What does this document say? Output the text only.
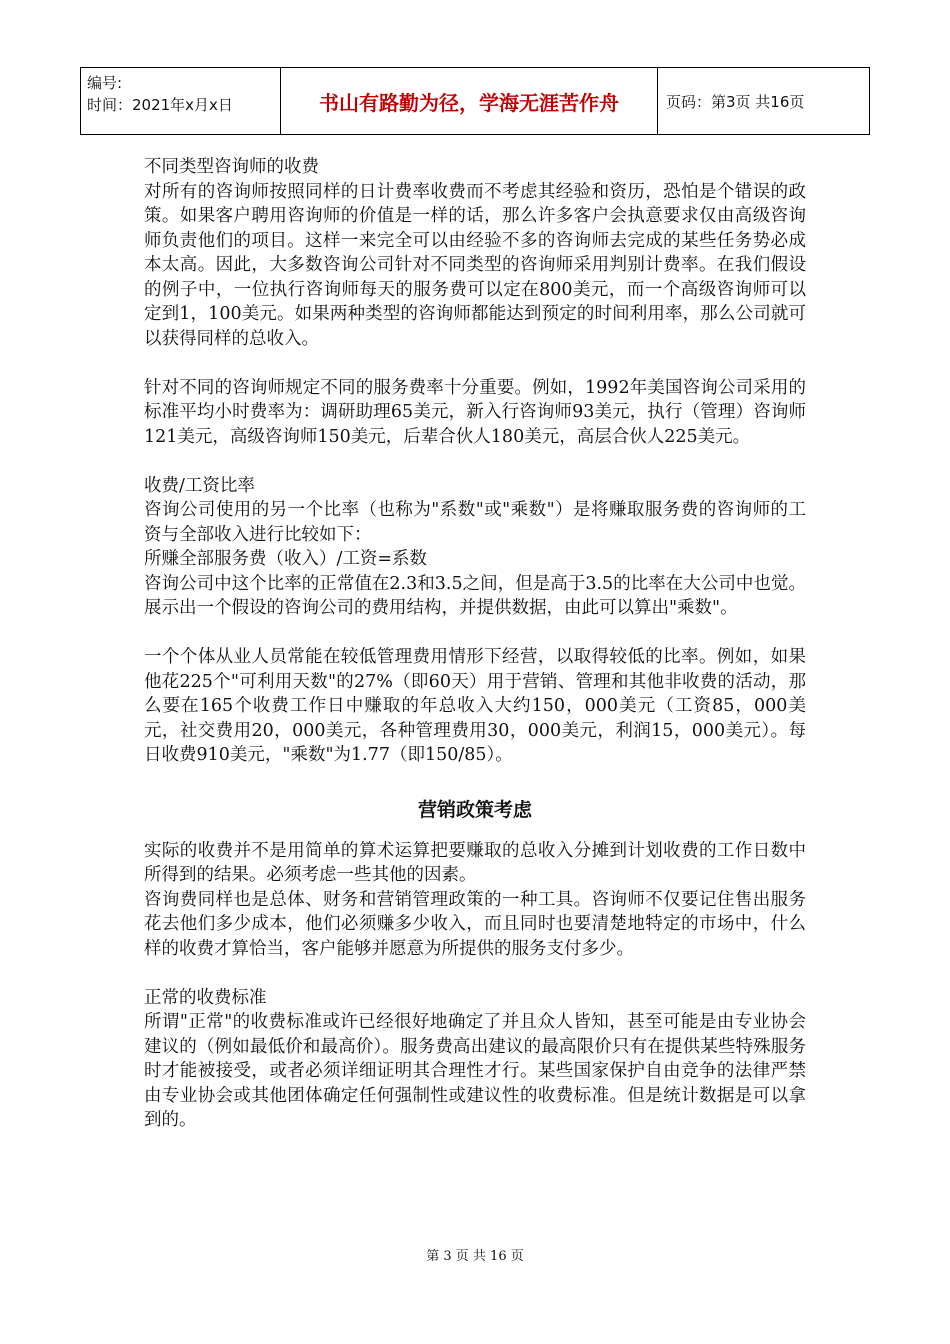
编号:
时间：2021年x月x日	书山有路勤为径，学海无涯苦作舟	页码：第3页 共16页

不同类型咨询师的收费

对所有的咨询师按照同样的日计费率收费而不考虑其经验和资历，恐怕是个错误的政策。如果客户聘用咨询师的价值是一样的话，那么许多客户会执意要求仅由高级咨询师负责他们的项目。这样一来完全可以由经验不多的咨询师去完成的某些任务势必成本太高。因此，大多数咨询公司针对不同类型的咨询师采用判别计费率。在我们假设的例子中，一位执行咨询师每天的服务费可以定在800美元，而一个高级咨询师可以定到1，100美元。如果两种类型的咨询师都能达到预定的时间利用率，那么公司就可以获得同样的总收入。

针对不同的咨询师规定不同的服务费率十分重要。例如，1992年美国咨询公司采用的标准平均小时费率为：调研助理65美元，新入行咨询师93美元，执行（管理）咨询师121美元，高级咨询师150美元，后辈合伙人180美元，高层合伙人225美元。

收费/工资比率

咨询公司使用的另一个比率（也称为"系数"或"乘数"）是将赚取服务费的咨询师的工资与全部收入进行比较如下：

所赚全部服务费（收入）/工资=系数

咨询公司中这个比率的正常值在2.3和3.5之间，但是高于3.5的比率在大公司中也觉。展示出一个假设的咨询公司的费用结构，并提供数据，由此可以算出"乘数"。

一个个体从业人员常能在较低管理费用情形下经营，以取得较低的比率。例如，如果他花225个"可利用天数"的27%（即60天）用于营销、管理和其他非收费的活动，那么要在165个收费工作日中赚取的年总收入大约150，000美元（工资85，000美元，社交费用20，000美元，各种管理费用30，000美元，利润15，000美元）。每日收费910美元，"乘数"为1.77（即150/85）。

营销政策考虑

实际的收费并不是用简单的算术运算把要赚取的总收入分摊到计划收费的工作日数中所得到的结果。必须考虑一些其他的因素。

咨询费同样也是总体、财务和营销管理政策的一种工具。咨询师不仅要记住售出服务花去他们多少成本，他们必须赚多少收入，而且同时也要清楚地特定的市场中，什么样的收费才算恰当，客户能够并愿意为所提供的服务支付多少。

正常的收费标准

所谓"正常"的收费标准或许已经很好地确定了并且众人皆知，甚至可能是由专业协会建议的（例如最低价和最高价）。服务费高出建议的最高限价只有在提供某些特殊服务时才能被接受，或者必须详细证明其合理性才行。某些国家保护自由竞争的法律严禁由专业协会或其他团体确定任何强制性或建议性的收费标准。但是统计数据是可以拿到的。

第 3 页 共 16 页
